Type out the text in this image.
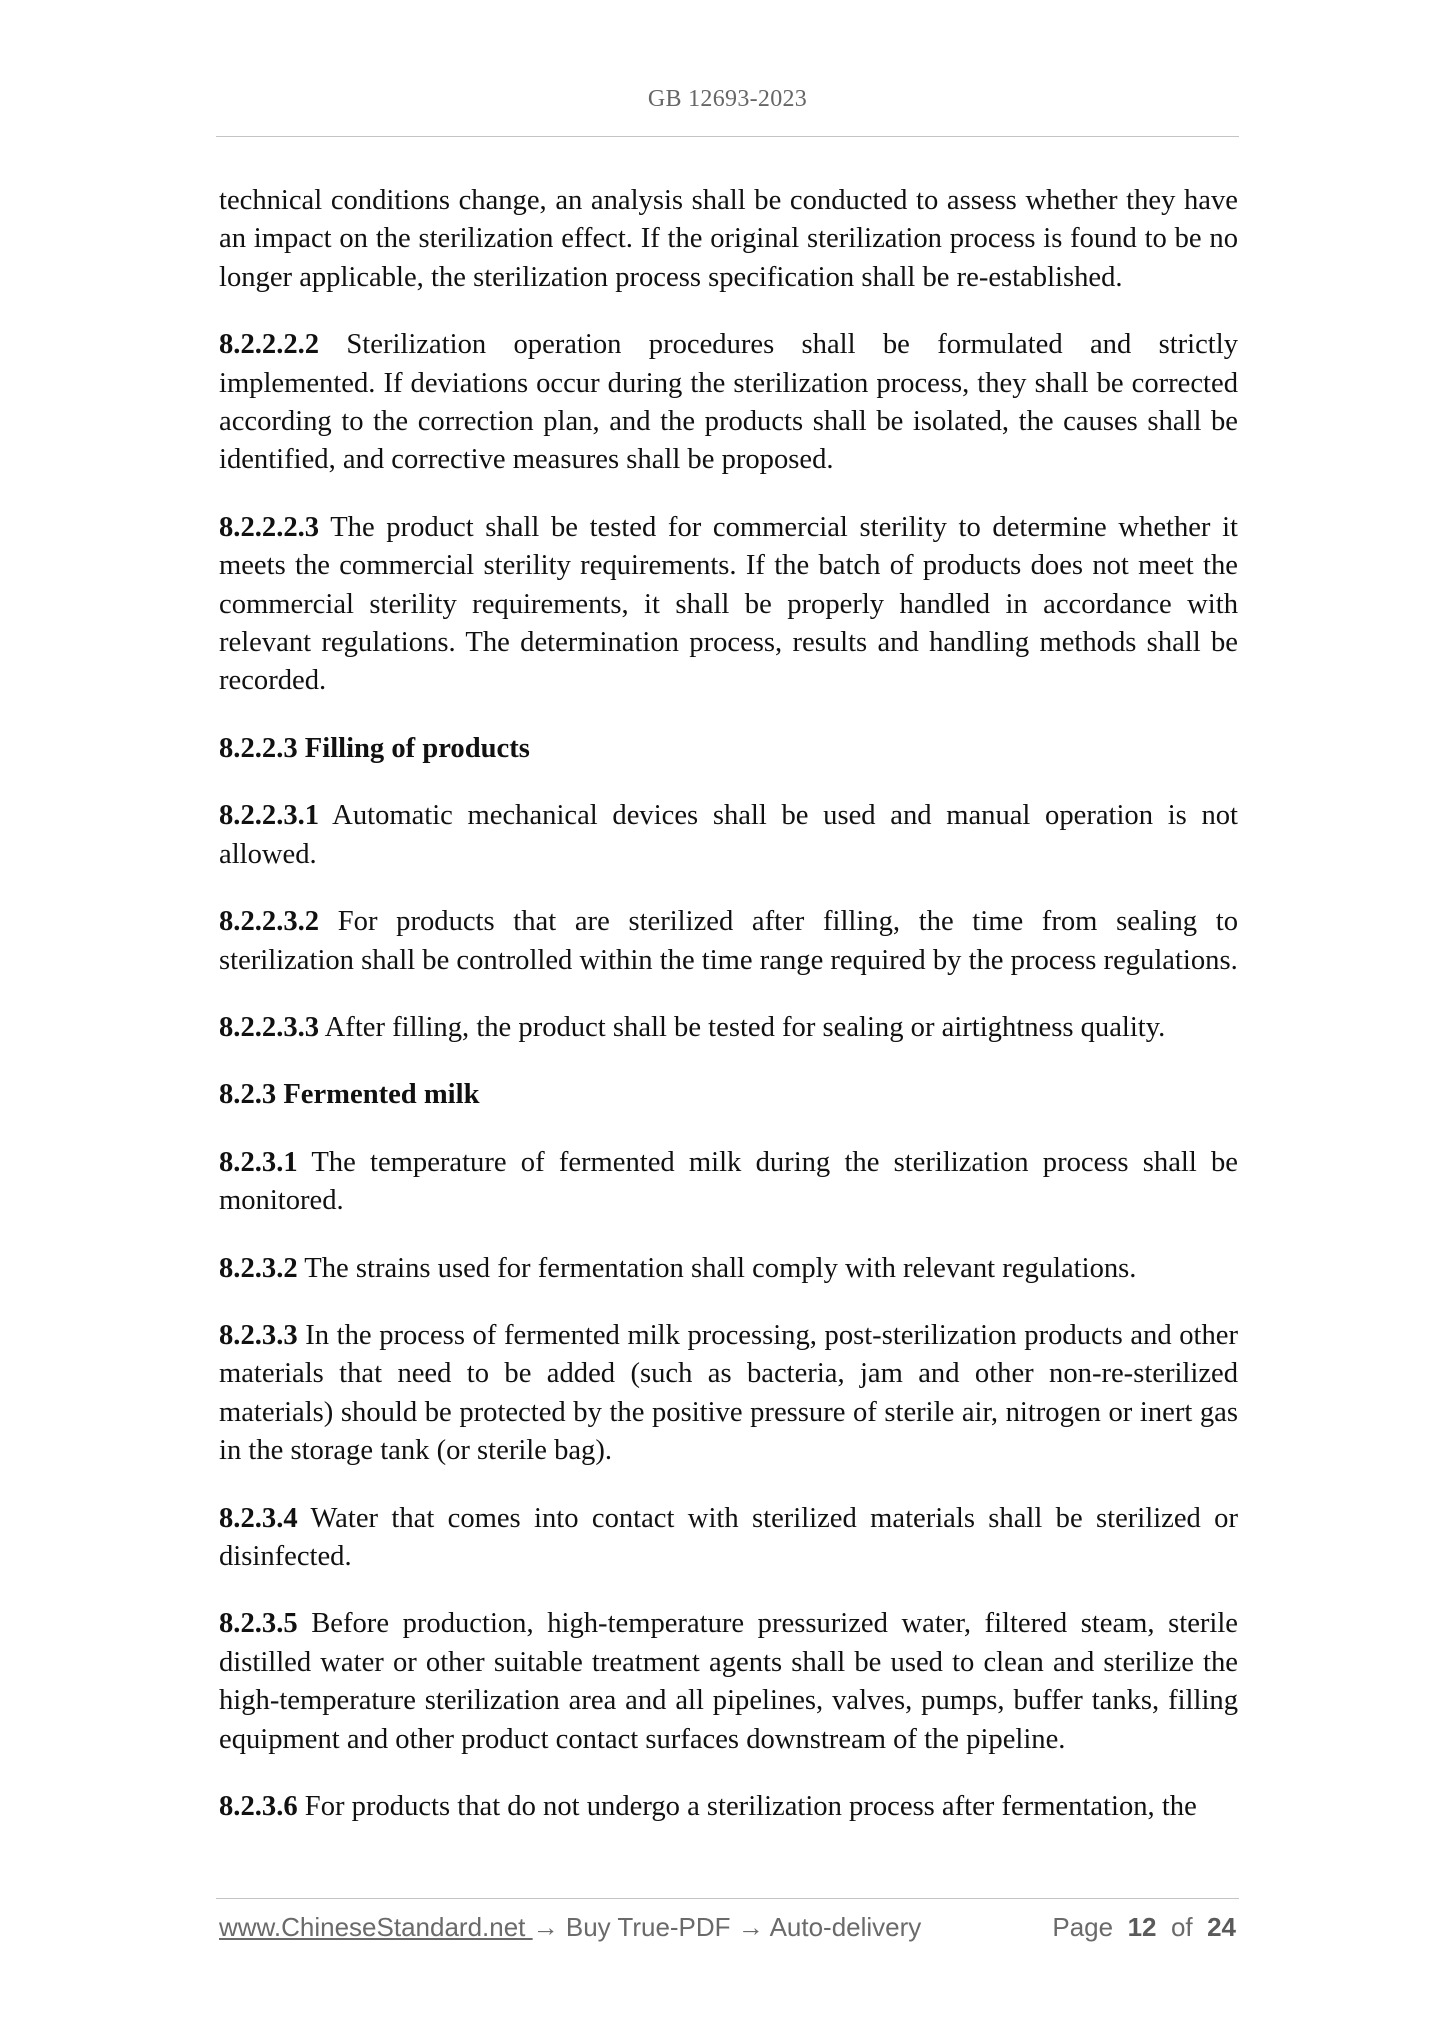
GB 12693-2023

technical conditions change, an analysis shall be conducted to assess whether they have an impact on the sterilization effect. If the original sterilization process is found to be no longer applicable, the sterilization process specification shall be re-established.

8.2.2.2.2 Sterilization operation procedures shall be formulated and strictly implemented. If deviations occur during the sterilization process, they shall be corrected according to the correction plan, and the products shall be isolated, the causes shall be identified, and corrective measures shall be proposed.

8.2.2.2.3 The product shall be tested for commercial sterility to determine whether it meets the commercial sterility requirements. If the batch of products does not meet the commercial sterility requirements, it shall be properly handled in accordance with relevant regulations. The determination process, results and handling methods shall be recorded.

8.2.2.3 Filling of products

8.2.2.3.1 Automatic mechanical devices shall be used and manual operation is not allowed.

8.2.2.3.2 For products that are sterilized after filling, the time from sealing to sterilization shall be controlled within the time range required by the process regulations.

8.2.2.3.3 After filling, the product shall be tested for sealing or airtightness quality.

8.2.3 Fermented milk

8.2.3.1 The temperature of fermented milk during the sterilization process shall be monitored.

8.2.3.2 The strains used for fermentation shall comply with relevant regulations.

8.2.3.3 In the process of fermented milk processing, post-sterilization products and other materials that need to be added (such as bacteria, jam and other non-re-sterilized materials) should be protected by the positive pressure of sterile air, nitrogen or inert gas in the storage tank (or sterile bag).

8.2.3.4 Water that comes into contact with sterilized materials shall be sterilized or disinfected.

8.2.3.5 Before production, high-temperature pressurized water, filtered steam, sterile distilled water or other suitable treatment agents shall be used to clean and sterilize the high-temperature sterilization area and all pipelines, valves, pumps, buffer tanks, filling equipment and other product contact surfaces downstream of the pipeline.

8.2.3.6 For products that do not undergo a sterilization process after fermentation, the

www.ChineseStandard.net → Buy True-PDF → Auto-delivery	Page 12 of 24
